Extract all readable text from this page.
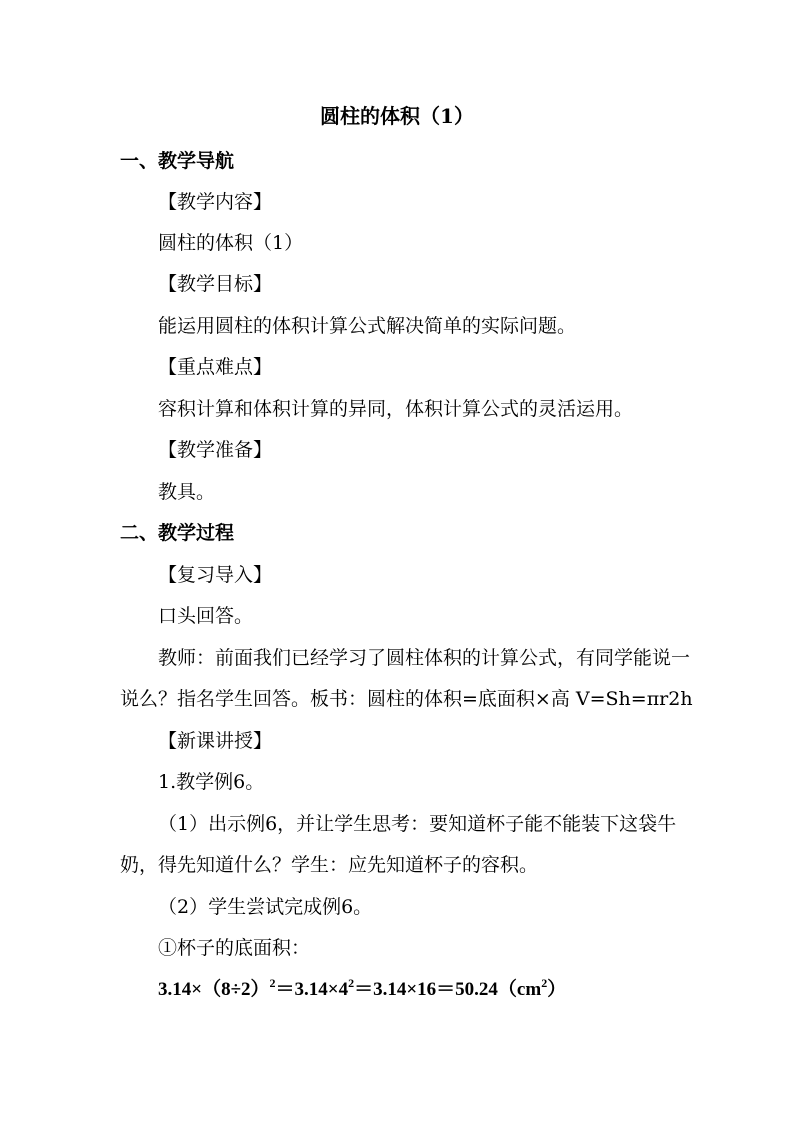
圆柱的体积（1）
一、教学导航
【教学内容】
圆柱的体积（1）
【教学目标】
能运用圆柱的体积计算公式解决简单的实际问题。
【重点难点】
容积计算和体积计算的异同，体积计算公式的灵活运用。
【教学准备】
教具。
二、教学过程
【复习导入】
口头回答。
教师：前面我们已经学习了圆柱体积的计算公式，有同学能说一
说么？指名学生回答。板书：圆柱的体积=底面积×高 V=Sh=πr2h
【新课讲授】
1.教学例6。
（1）出示例6，并让学生思考：要知道杯子能不能装下这袋牛
奶，得先知道什么？学生：应先知道杯子的容积。
（2）学生尝试完成例6。
①杯子的底面积：
$3.14\times(8\div 2)^2=3.14\times 4^2=3.14\times 16=50.24(cm^2)$
